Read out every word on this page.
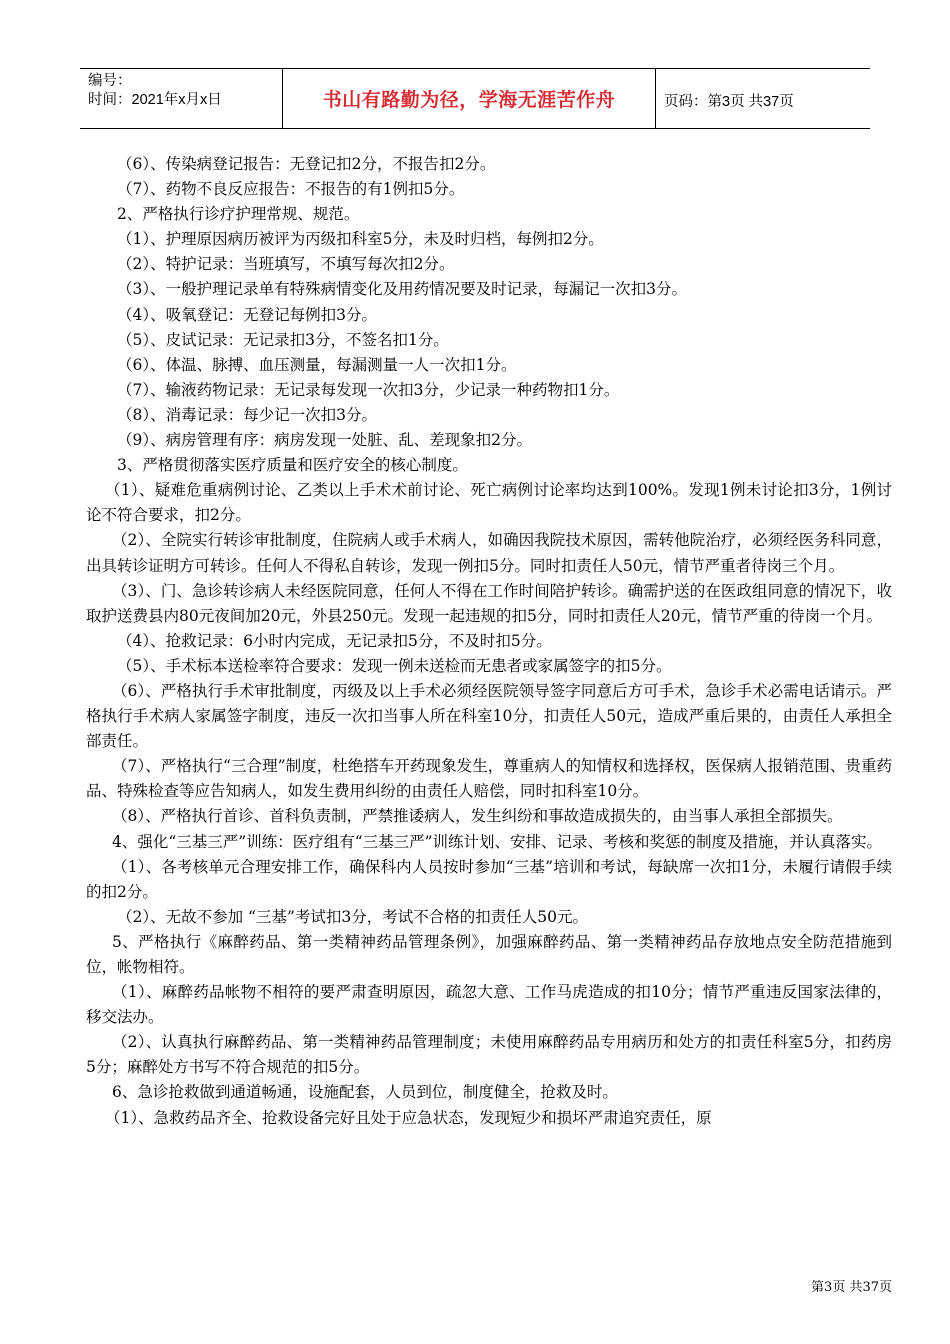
编号：
时间：2021年x月x日	书山有路勤为径，学海无涯苦作舟	页码：第3页 共37页

（6）、传染病登记报告：无登记扣2分，不报告扣2分。

（7）、药物不良反应报告：不报告的有1例扣5分。

2、严格执行诊疗护理常规、规范。

（1）、护理原因病历被评为丙级扣科室5分，未及时归档，每例扣2分。

（2）、特护记录：当班填写，不填写每次扣2分。

（3）、一般护理记录单有特殊病情变化及用药情况要及时记录，每漏记一次扣3分。

（4）、吸氧登记：无登记每例扣3分。

（5）、皮试记录：无记录扣3分，不签名扣1分。

（6）、体温、脉搏、血压测量，每漏测量一人一次扣1分。

（7）、输液药物记录：无记录每发现一次扣3分，少记录一种药物扣1分。

（8）、消毒记录：每少记一次扣3分。

（9）、病房管理有序：病房发现一处脏、乱、差现象扣2分。

3、严格贯彻落实医疗质量和医疗安全的核心制度。

（1）、疑难危重病例讨论、乙类以上手术术前讨论、死亡病例讨论率均达到100%。发现1例未讨论扣3分，1例讨论不符合要求，扣2分。

（2）、全院实行转诊审批制度，住院病人或手术病人，如确因我院技术原因，需转他院治疗，必须经医务科同意，出具转诊证明方可转诊。任何人不得私自转诊，发现一例扣5分。同时扣责任人50元，情节严重者待岗三个月。

（3）、门、急诊转诊病人未经医院同意，任何人不得在工作时间陪护转诊。确需护送的在医政组同意的情况下，收取护送费县内80元夜间加20元，外县250元。发现一起违规的扣5分，同时扣责任人20元，情节严重的待岗一个月。

（4）、抢救记录：6小时内完成，无记录扣5分，不及时扣5分。

（5）、手术标本送检率符合要求：发现一例未送检而无患者或家属签字的扣5分。

（6）、严格执行手术审批制度，丙级及以上手术必须经医院领导签字同意后方可手术，急诊手术必需电话请示。严格执行手术病人家属签字制度，违反一次扣当事人所在科室10分，扣责任人50元，造成严重后果的，由责任人承担全部责任。

（7）、严格执行“三合理”制度，杜绝搭车开药现象发生，尊重病人的知情权和选择权，医保病人报销范围、贵重药品、特殊检查等应告知病人，如发生费用纠纷的由责任人赔偿，同时扣科室10分。

（8）、严格执行首诊、首科负责制，严禁推诿病人，发生纠纷和事故造成损失的，由当事人承担全部损失。

4、强化“三基三严”训练：医疗组有“三基三严”训练计划、安排、记录、考核和奖惩的制度及措施，并认真落实。

（1）、各考核单元合理安排工作，确保科内人员按时参加“三基”培训和考试，每缺席一次扣1分，未履行请假手续的扣2分。

（2）、无故不参加 “三基”考试扣3分，考试不合格的扣责任人50元。

5、严格执行《麻醉药品、第一类精神药品管理条例》，加强麻醉药品、第一类精神药品存放地点安全防范措施到位，帐物相符。

（1）、麻醉药品帐物不相符的要严肃查明原因，疏忽大意、工作马虎造成的扣10分；情节严重违反国家法律的，移交法办。

（2）、认真执行麻醉药品、第一类精神药品管理制度；未使用麻醉药品专用病历和处方的扣责任科室5分，扣药房5分；麻醉处方书写不符合规范的扣5分。

6、急诊抢救做到通道畅通，设施配套，人员到位，制度健全，抢救及时。

（1）、急救药品齐全、抢救设备完好且处于应急状态，发现短少和损坏严肃追究责任，原

第3页 共37页
